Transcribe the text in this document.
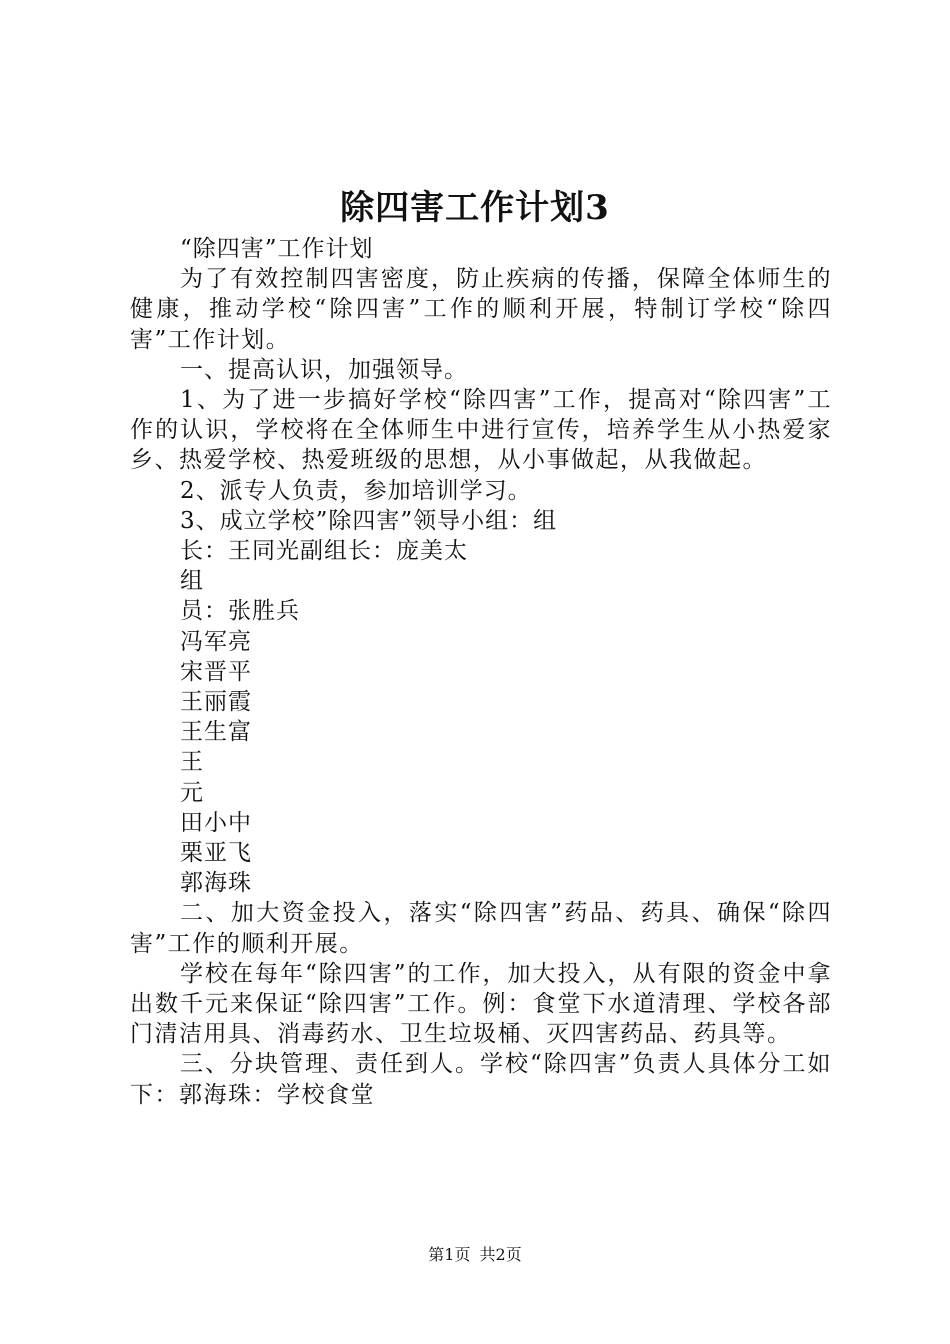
除四害工作计划3

“除四害”工作计划

为了有效控制四害密度，防止疾病的传播，保障全体师生的健康，推动学校“除四害”工作的顺利开展，特制订学校“除四害”工作计划。

一、提高认识，加强领导。

1、为了进一步搞好学校“除四害”工作，提高对“除四害”工作的认识，学校将在全体师生中进行宣传，培养学生从小热爱家乡、热爱学校、热爱班级的思想，从小事做起，从我做起。

2、派专人负责，参加培训学习。

3、成立学校”除四害”领导小组：组

长：王同光副组长：庞美太

组

员：张胜兵

冯军亮

宋晋平

王丽霞

王生富

王

元

田小中

栗亚飞

郭海珠

二、加大资金投入，落实“除四害”药品、药具、确保“除四害”工作的顺利开展。

学校在每年“除四害”的工作，加大投入，从有限的资金中拿出数千元来保证“除四害”工作。例：食堂下水道清理、学校各部门清洁用具、消毒药水、卫生垃圾桶、灭四害药品、药具等。

三、分块管理、责任到人。学校“除四害”负责人具体分工如下：郭海珠：学校食堂

第1页 共2页
